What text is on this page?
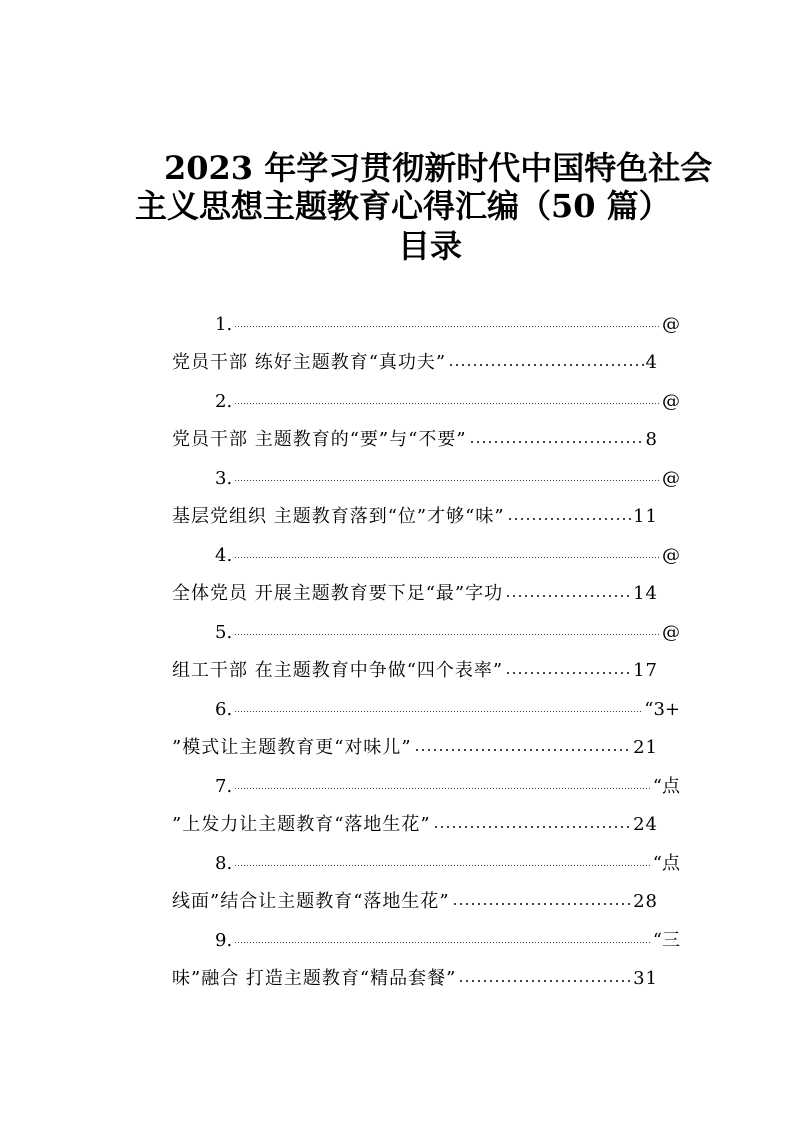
2023 年学习贯彻新时代中国特色社会
主义思想主题教育心得汇编（50 篇）
目录
1.	@
党员干部 练好主题教育“真功夫”	4
2.	@
党员干部 主题教育的“要”与“不要”	8
3.	@
基层党组织 主题教育落到“位”才够“味”	11
4.	@
全体党员 开展主题教育要下足“最”字功	14
5.	@
组工干部 在主题教育中争做“四个表率”	17
6.	“3+
”模式让主题教育更“对味儿”	21
7.	“点
”上发力让主题教育“落地生花”	24
8.	“点
线面”结合让主题教育“落地生花”	28
9.	“三
味”融合 打造主题教育“精品套餐”	31
